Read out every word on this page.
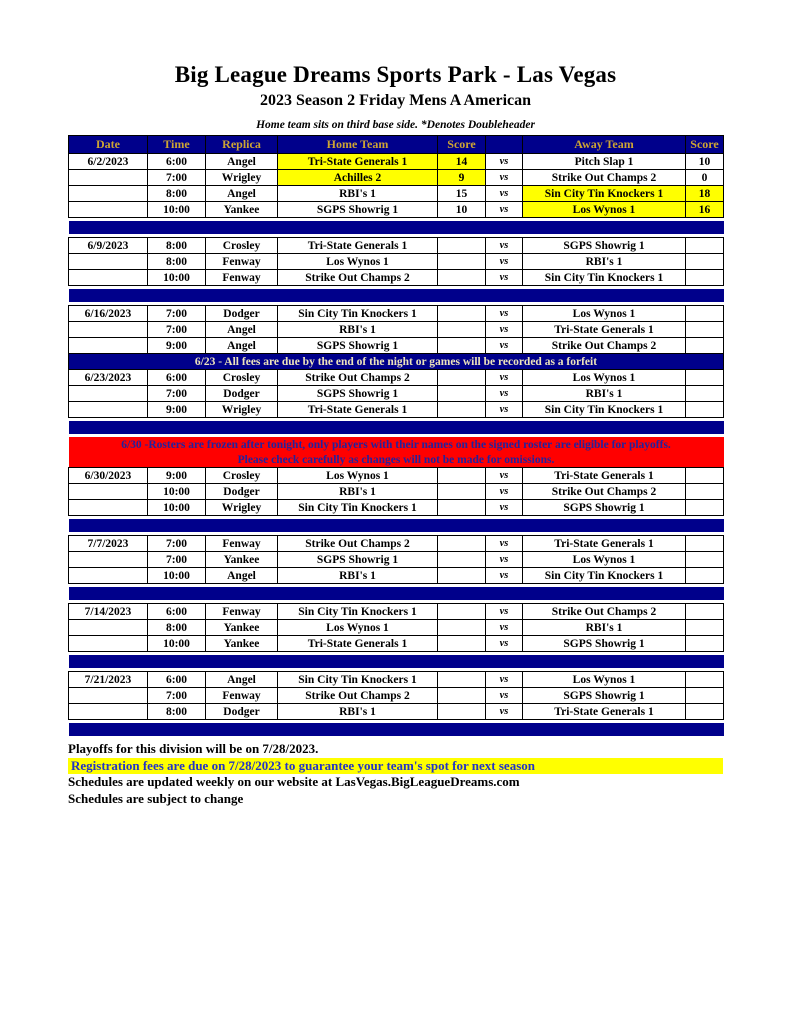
Big League Dreams Sports Park - Las Vegas
2023 Season 2 Friday Mens A American
Home team sits on third base side. *Denotes Doubleheader
Date	Time	Replica	Home Team	Score		Away Team	Score
6/2/2023	6:00	Angel	Tri-State Generals 1	14	vs	Pitch Slap 1	10
	7:00	Wrigley	Achilles 2	9	vs	Strike Out Champs 2	0
	8:00	Angel	RBI's 1	15	vs	Sin City Tin Knockers 1	18
	10:00	Yankee	SGPS Showrig 1	10	vs	Los Wynos 1	16

6/9/2023	8:00	Crosley	Tri-State Generals 1		vs	SGPS Showrig 1	
	8:00	Fenway	Los Wynos 1		vs	RBI's 1	
	10:00	Fenway	Strike Out Champs 2		vs	Sin City Tin Knockers 1	

6/16/2023	7:00	Dodger	Sin City Tin Knockers 1		vs	Los Wynos 1	
	7:00	Angel	RBI's 1		vs	Tri-State Generals 1	
	9:00	Angel	SGPS Showrig 1		vs	Strike Out Champs 2	
6/23 - All fees are due by the end of the night or games will be recorded as a forfeit							
6/23/2023	6:00	Crosley	Strike Out Champs 2		vs	Los Wynos 1	
	7:00	Dodger	SGPS Showrig 1		vs	RBI's 1	
	9:00	Wrigley	Tri-State Generals 1		vs	Sin City Tin Knockers 1	

6/30 -Rosters are frozen after tonight, only players with their names on the signed roster are eligible for playoffs.							
Please check carefully as changes will not be made for omissions.							
6/30/2023	9:00	Crosley	Los Wynos 1		vs	Tri-State Generals 1	
	10:00	Dodger	RBI's 1		vs	Strike Out Champs 2	
	10:00	Wrigley	Sin City Tin Knockers 1		vs	SGPS Showrig 1	

7/7/2023	7:00	Fenway	Strike Out Champs 2		vs	Tri-State Generals 1	
	7:00	Yankee	SGPS Showrig 1		vs	Los Wynos 1	
	10:00	Angel	RBI's 1		vs	Sin City Tin Knockers 1	

7/14/2023	6:00	Fenway	Sin City Tin Knockers 1		vs	Strike Out Champs 2	
	8:00	Yankee	Los Wynos 1		vs	RBI's 1	
	10:00	Yankee	Tri-State Generals 1		vs	SGPS Showrig 1	

7/21/2023	6:00	Angel	Sin City Tin Knockers 1		vs	Los Wynos 1	
	7:00	Fenway	Strike Out Champs 2		vs	SGPS Showrig 1	
	8:00	Dodger	RBI's 1		vs	Tri-State Generals 1	

Playoffs for this division will be on 7/28/2023.
Registration fees are due on 7/28/2023 to guarantee your team's spot for next season
Schedules are updated weekly on our website at LasVegas.BigLeagueDreams.com
Schedules are subject to change
